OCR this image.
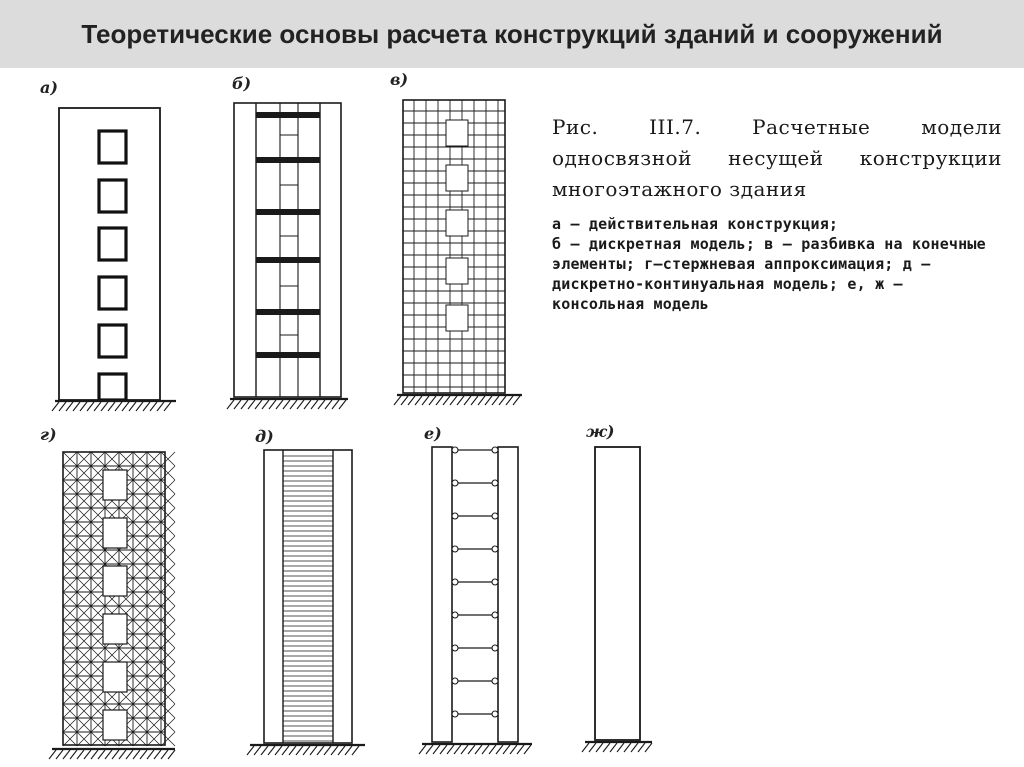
Теоретические основы расчета конструкций зданий и сооружений
а)	б)	в)
г)	д)	е)	ж)
Рис. III.7. Расчетные модели односвязной несущей конструкции многоэтажного здания
а — действительная конструкция;
б — дискретная модель; в — разбивка на конечные элементы; г—стержневая аппроксимация; д — дискретно-континуальная модель; е, ж — консольная модель
